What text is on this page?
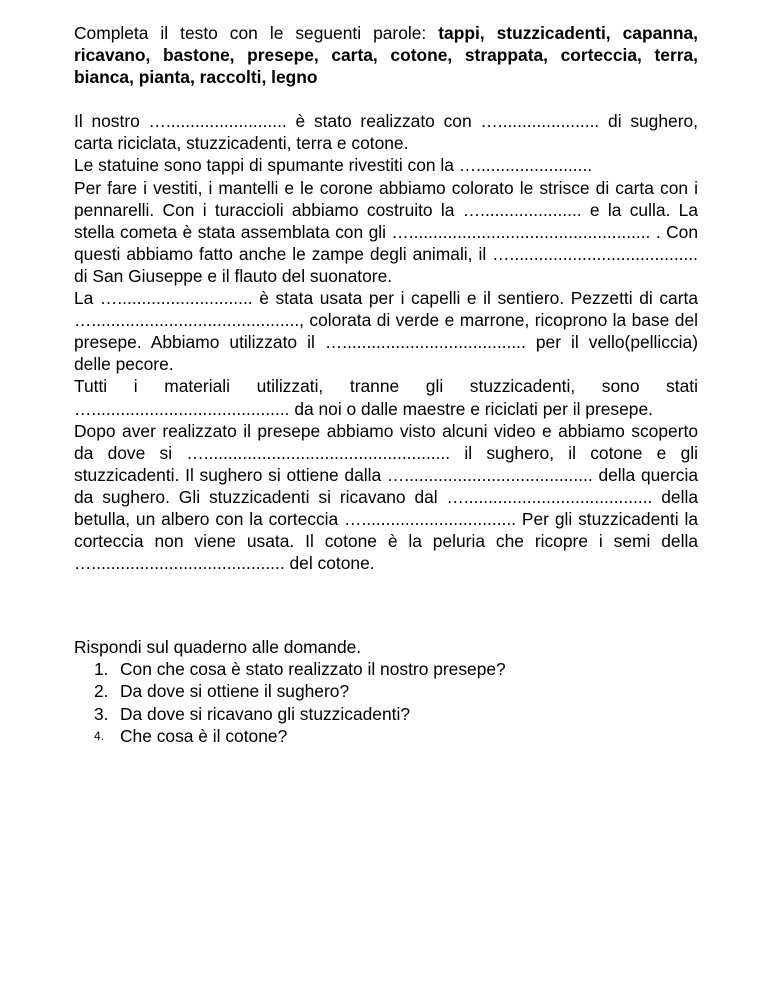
Completa il testo con le seguenti parole: tappi, stuzzicadenti, capanna, ricavano, bastone, presepe, carta, cotone, strappata, corteccia, terra, bianca, pianta, raccolti, legno

Il nostro …......................... è stato realizzato con …..................... di sughero, carta riciclata, stuzzicadenti, terra e cotone.

Le statuine sono tappi di spumante rivestiti con la …........................

Per fare i vestiti, i mantelli e le corone abbiamo colorato le strisce di carta con i pennarelli. Con i turaccioli abbiamo costruito la …..................... e la culla. La stella cometa è stata assemblata con gli ….................................................. . Con questi abbiamo fatto anche le zampe degli animali, il …....................................... di San Giuseppe e il flauto del suonatore.

La …............................ è stata usata per i capelli e il sentiero. Pezzetti di carta …..........................................., colorata di verde e marrone, ricoprono la base del presepe. Abbiamo utilizzato il …...................................... per il vello(pelliccia) delle pecore.

Tutti i materiali utilizzati, tranne gli stuzzicadenti, sono stati …......................................... da noi o dalle maestre e riciclati per il presepe.

Dopo aver realizzato il presepe abbiamo visto alcuni video e abbiamo scoperto da dove si …................................................... il sughero, il cotone e gli stuzzicadenti. Il sughero si ottiene dalla …....................................... della quercia da sughero. Gli stuzzicadenti si ricavano dal …....................................... della betulla, un albero con la corteccia …................................ Per gli stuzzicadenti la corteccia non viene usata. Il cotone è la peluria che ricopre i semi della …........................................ del cotone.

Rispondi sul quaderno alle domande.

1. Con che cosa è stato realizzato il nostro presepe?
2. Da dove si ottiene il sughero?
3. Da dove si ricavano gli stuzzicadenti?
4. Che cosa è il cotone?
